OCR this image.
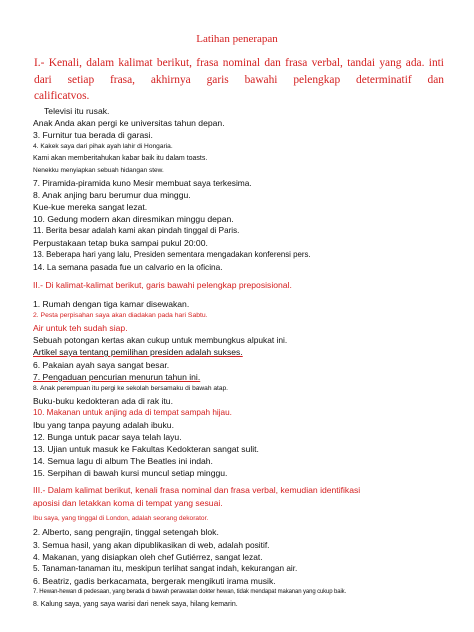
Latihan penerapan

I.- Kenali, dalam kalimat berikut, frasa nominal dan frasa verbal, tandai yang ada. inti dari setiap frasa, akhirnya garis bawahi pelengkap determinatif dan
calificatvos.

Televisi itu rusak.

Anak Anda akan pergi ke universitas tahun depan.

3. Furnitur tua berada di garasi.

4. Kakek saya dari pihak ayah lahir di Hongaria.

Kami akan memberitahukan kabar baik itu dalam toasts.

Nenekku menyiapkan sebuah hidangan stew.

7. Piramida-piramida kuno Mesir membuat saya terkesima.

8. Anak anjing baru berumur dua minggu.

Kue-kue mereka sangat lezat.

10. Gedung modern akan diresmikan minggu depan.

11. Berita besar adalah kami akan pindah tinggal di Paris.

Perpustakaan tetap buka sampai pukul 20:00.

13. Beberapa hari yang lalu, Presiden sementara mengadakan konferensi pers.

14. La semana pasada fue un calvario en la oficina.

II.- Di kalimat-kalimat berikut, garis bawahi pelengkap preposisional.

1. Rumah dengan tiga kamar disewakan.

2. Pesta perpisahan saya akan diadakan pada hari Sabtu.

Air untuk teh sudah siap.

Sebuah potongan kertas akan cukup untuk membungkus alpukat ini.

Artikel saya tentang pemilihan presiden adalah sukses.

6. Pakaian ayah saya sangat besar.

7. Pengaduan pencurian menurun tahun ini.

8. Anak perempuan itu pergi ke sekolah bersamaku di bawah atap.

Buku-buku kedokteran ada di rak itu.

10. Makanan untuk anjing ada di tempat sampah hijau.

Ibu yang tanpa payung adalah ibuku.

12. Bunga untuk pacar saya telah layu.

13. Ujian untuk masuk ke Fakultas Kedokteran sangat sulit.

14. Semua lagu di album The Beatles ini indah.

15. Serpihan di bawah kursi muncul setiap minggu.

III.- Dalam kalimat berikut, kenali frasa nominal dan frasa verbal, kemudian identifikasi

aposisi dan letakkan koma di tempat yang sesuai.

Ibu saya, yang tinggal di London, adalah seorang dekorator.

2. Alberto, sang pengrajin, tinggal setengah blok.

3. Semua hasil, yang akan dipublikasikan di web, adalah positif.

4. Makanan, yang disiapkan oleh chef Gutiérrez, sangat lezat.

5. Tanaman-tanaman itu, meskipun terlihat sangat indah, kekurangan air.

6. Beatriz, gadis berkacamata, bergerak mengikuti irama musik.

7. Hewan-hewan di pedesaan, yang berada di bawah perawatan dokter hewan, tidak mendapat makanan yang cukup baik.

8. Kalung saya, yang saya warisi dari nenek saya, hilang kemarin.
